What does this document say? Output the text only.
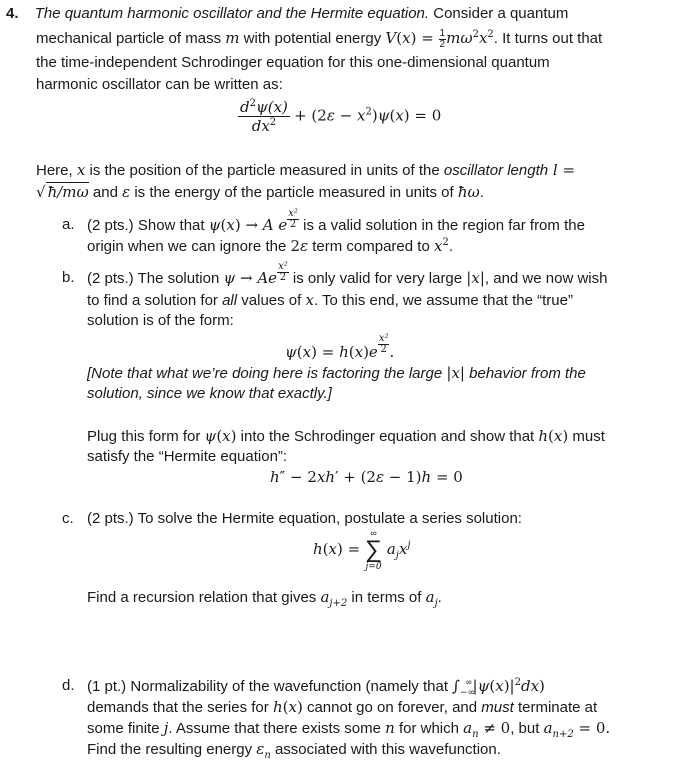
4. The quantum harmonic oscillator and the Hermite equation. Consider a quantum
mechanical particle of mass m with potential energy $V(x) = \frac{1}{2} m\omega^2x^2$. It turns out that
the time-independent Schrodinger equation for this one-dimensional quantum
harmonic oscillator can be written as:
$\frac{d^2\psi(x)}{dx^2} + (2\varepsilon - x^2)\psi(x) = 0$
Here, x is the position of the particle measured in units of the oscillator length l =
√ ħ/mω and ε is the energy of the particle measured in units of ħω.
a. (2 pts.) Show that ψ(x) → A e $\frac{\text{x²}}{2}$ is a valid solution in the region far from the
origin when we can ignore the 2ε term compared to $x^2$.
b. (2 pts.) The solution ψ → Ae $\frac{\text{x²}}{2}$ is only valid for very large |x|, and we now wish
to find a solution for all values of x. To this end, we assume that the “true”
solution is of the form:
$\psi(x) = h(x)e \frac{\text{x²}}{2}$ .
[Note that what we’re doing here is factoring the large |x| behavior from the
solution, since we know that exactly.]
Plug this form for ψ(x) into the Schrodinger equation and show that h(x) must
satisfy the “Hermite equation”:
h″ − 2xh′ + (2ε − 1)h = 0
c. (2 pts.) To solve the Hermite equation, postulate a series solution:
h(x) =
∞
∑
j=0
$a_jx^j$
Find a recursion relation that gives $a_{j+2}$ in terms of $a_j$.
d. (1 pt.) Normalizability of the wavefunction (namely that $\int_{-\infty}^\infty|\psi(x)|^2dx$)
demands that the series for h(x) cannot go on forever, and must terminate at
some finite j. Assume that there exists some n for which $a_n \ne 0$, but $a_{n+2} = 0$.
Find the resulting energy $\varepsilon_n$ associated with this wavefunction.
